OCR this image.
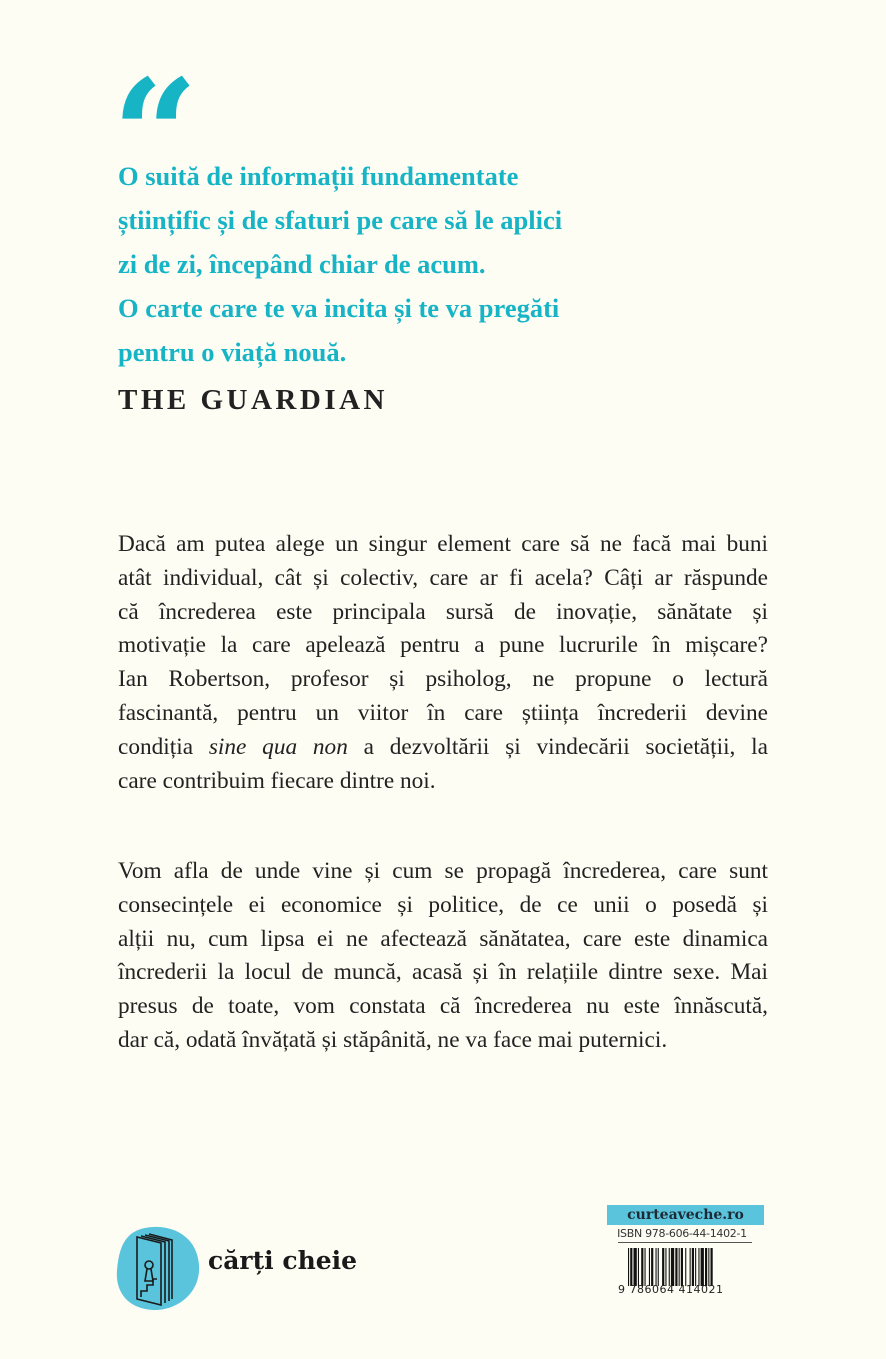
“
O suită de informații fundamentate
științific și de sfaturi pe care să le aplici
zi de zi, începând chiar de acum.
O carte care te va incita și te va pregăti
pentru o viață nouă.
THE GUARDIAN
Dacă am putea alege un singur element care să ne facă mai buni
atât individual, cât și colectiv, care ar fi acela? Câți ar răspunde
că încrederea este principala sursă de inovație, sănătate și
motivație la care apelează pentru a pune lucrurile în mișcare?
Ian Robertson, profesor și psiholog, ne propune o lectură
fascinantă, pentru un viitor în care știința încrederii devine
condiția sine qua non a dezvoltării și vindecării societății, la
care contribuim fiecare dintre noi.
Vom afla de unde vine și cum se propagă încrederea, care sunt
consecințele ei economice și politice, de ce unii o posedă și
alții nu, cum lipsa ei ne afectează sănătatea, care este dinamica
încrederii la locul de muncă, acasă și în relațiile dintre sexe. Mai
presus de toate, vom constata că încrederea nu este înnăscută,
dar că, odată învățată și stăpânită, ne va face mai puternici.
cărți cheie
curteaveche.ro
ISBN 978-606-44-1402-1
9 786064 414021
